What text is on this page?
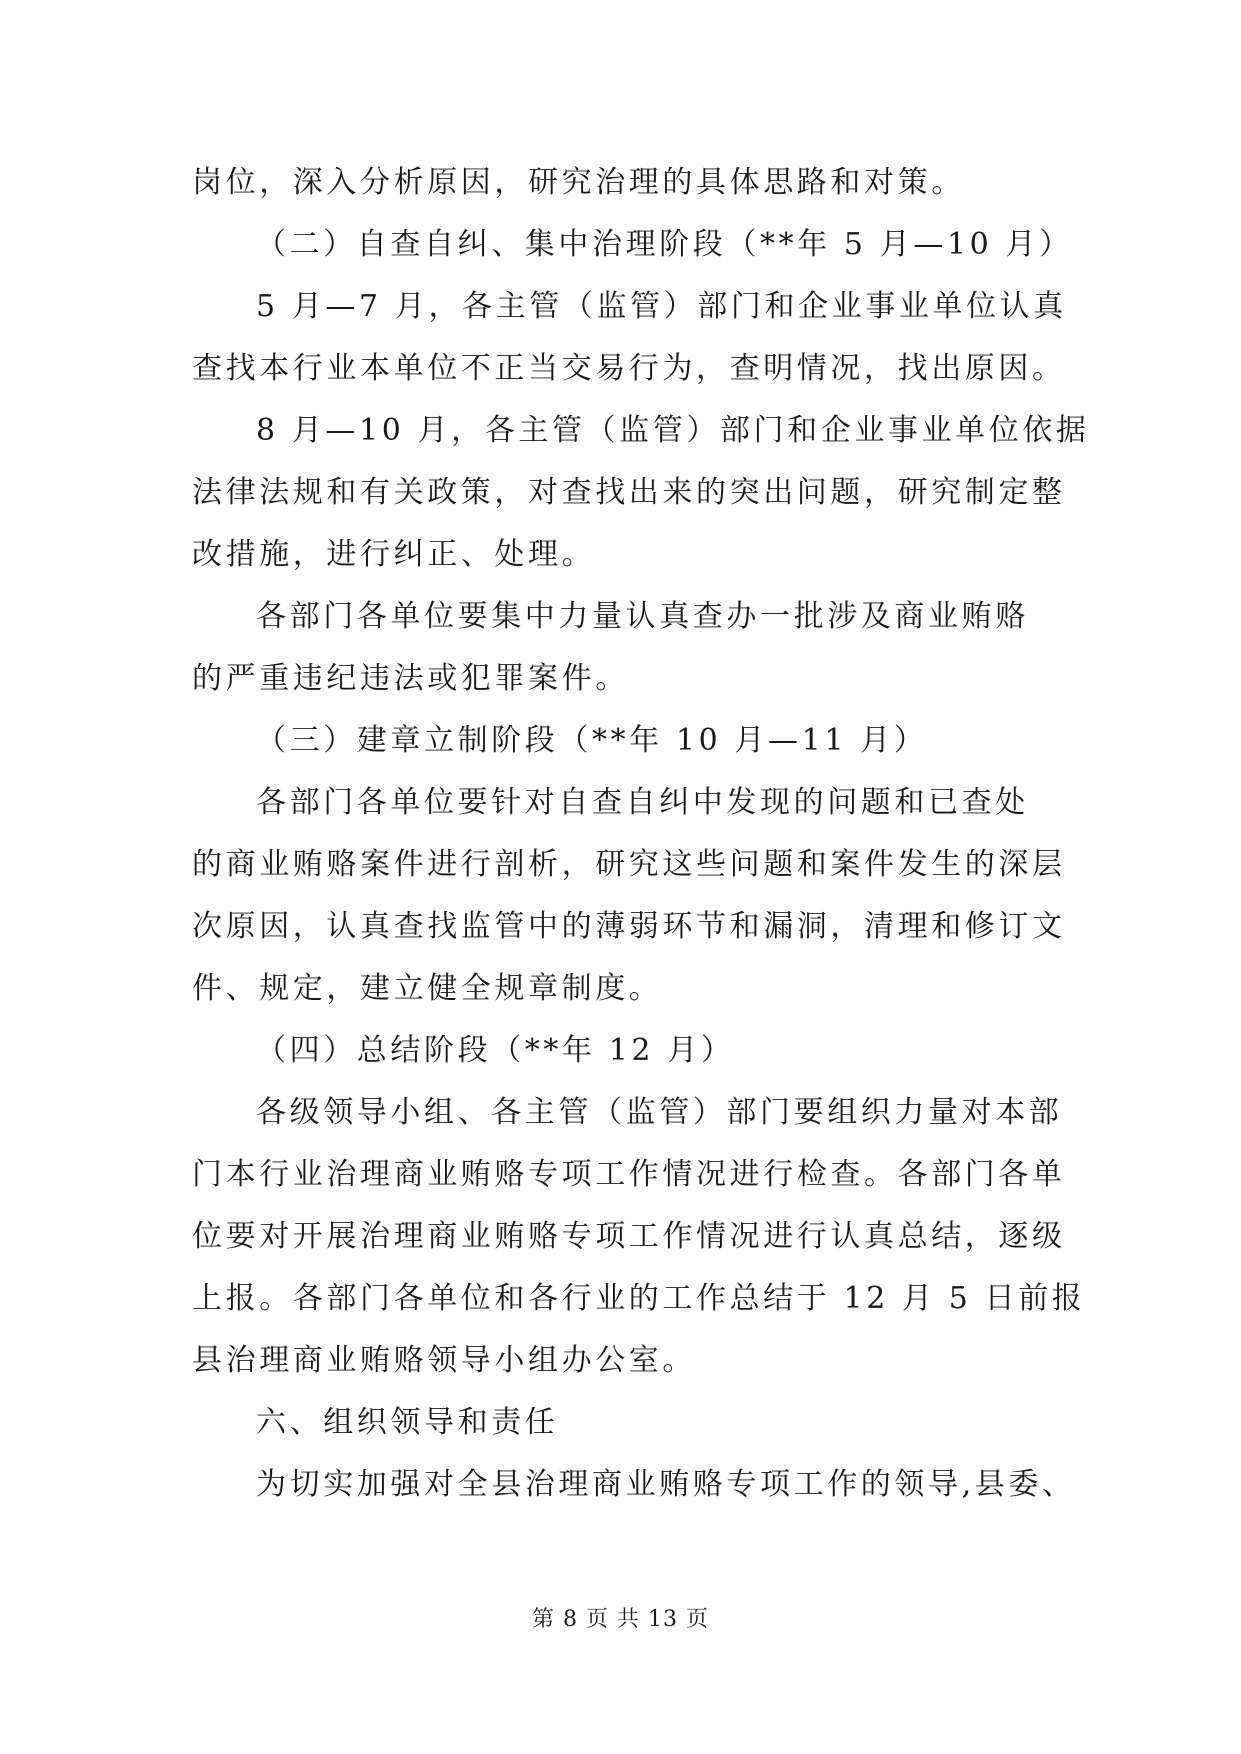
岗位，深入分析原因，研究治理的具体思路和对策。
（二）自查自纠、集中治理阶段（**年 5 月—10 月）
5 月—7 月，各主管（监管）部门和企业事业单位认真
查找本行业本单位不正当交易行为，查明情况，找出原因。
8 月—10 月，各主管（监管）部门和企业事业单位依据
法律法规和有关政策，对查找出来的突出问题，研究制定整
改措施，进行纠正、处理。
各部门各单位要集中力量认真查办一批涉及商业贿赂
的严重违纪违法或犯罪案件。
（三）建章立制阶段（**年 10 月—11 月）
各部门各单位要针对自查自纠中发现的问题和已查处
的商业贿赂案件进行剖析，研究这些问题和案件发生的深层
次原因，认真查找监管中的薄弱环节和漏洞，清理和修订文
件、规定，建立健全规章制度。
（四）总结阶段（**年 12 月）
各级领导小组、各主管（监管）部门要组织力量对本部
门本行业治理商业贿赂专项工作情况进行检查。各部门各单
位要对开展治理商业贿赂专项工作情况进行认真总结，逐级
上报。各部门各单位和各行业的工作总结于 12 月 5 日前报
县治理商业贿赂领导小组办公室。
六、组织领导和责任
为切实加强对全县治理商业贿赂专项工作的领导,县委、
第 8 页 共 13 页
